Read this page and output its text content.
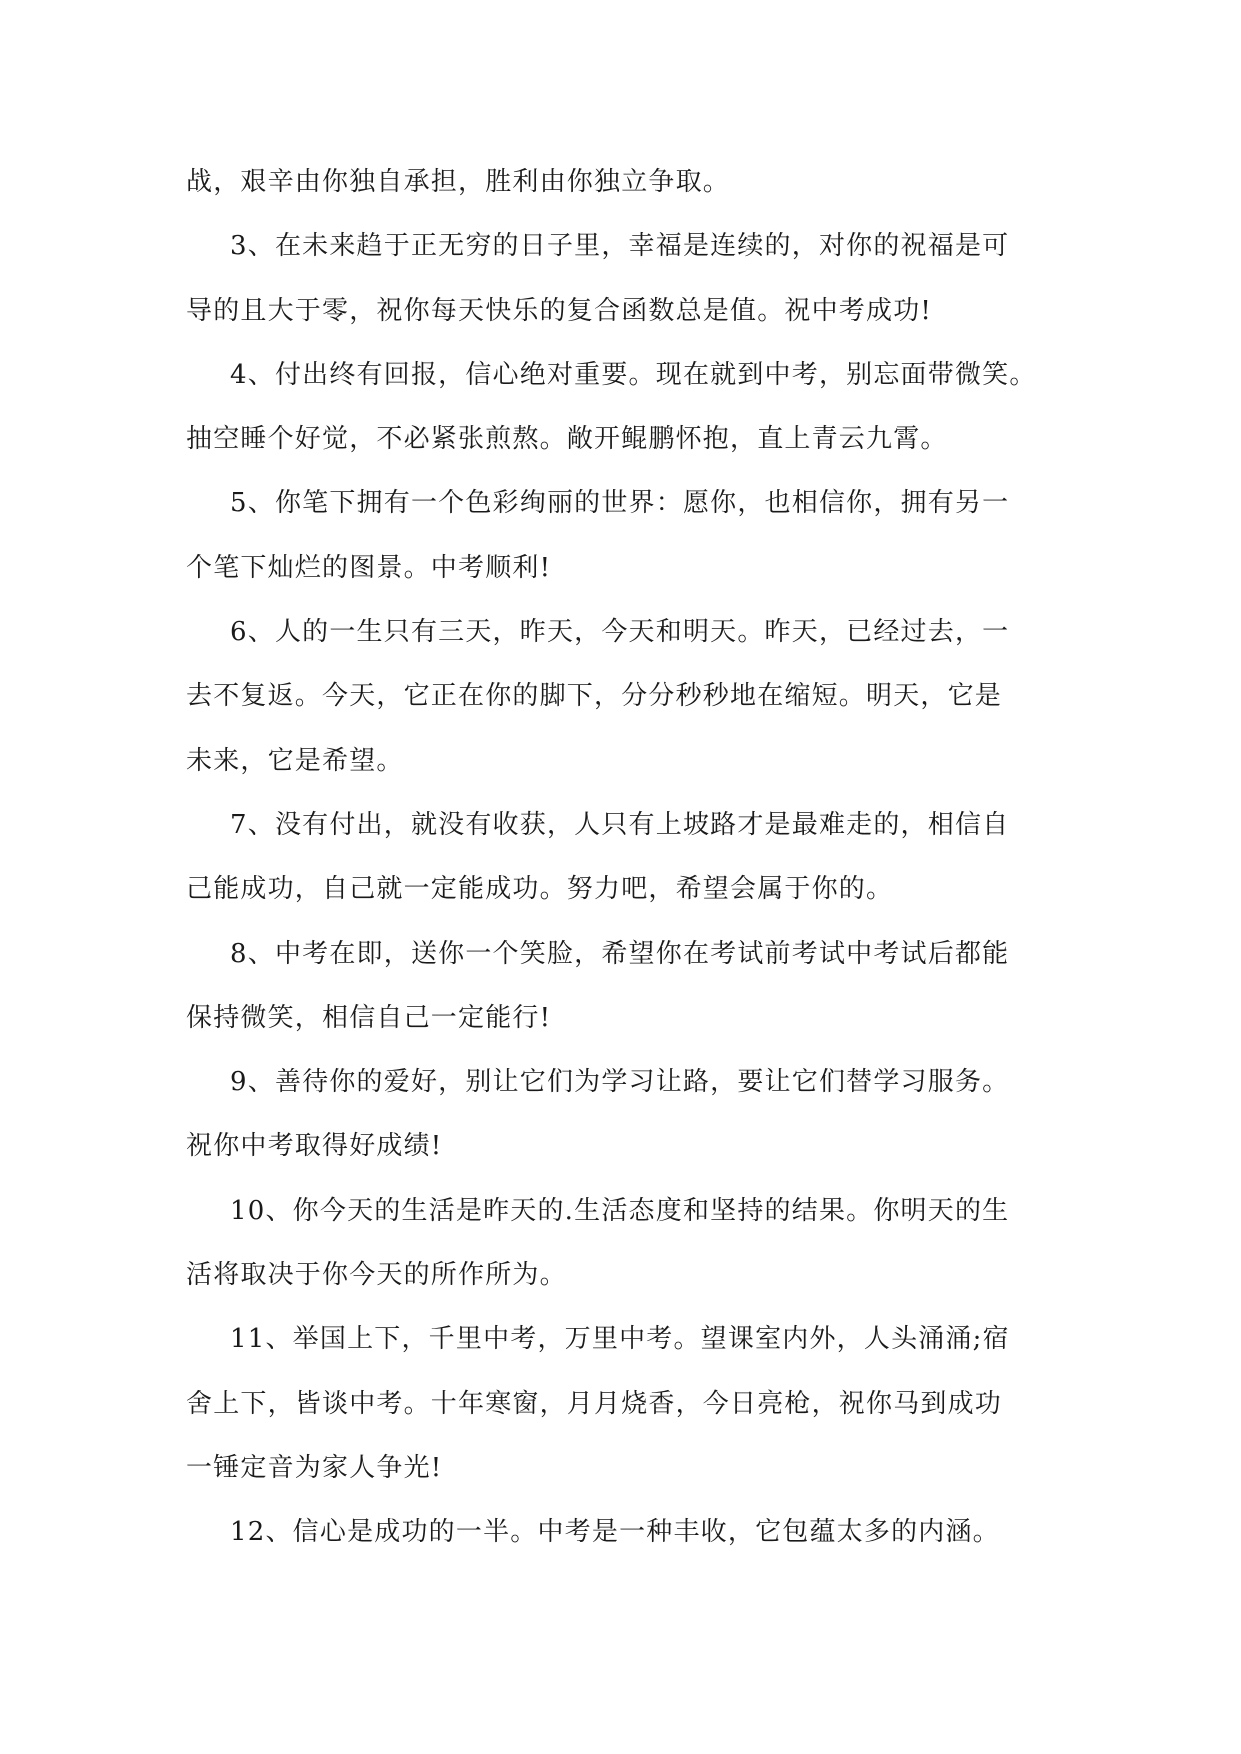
战，艰辛由你独自承担，胜利由你独立争取。

3、在未来趋于正无穷的日子里，幸福是连续的，对你的祝福是可
导的且大于零，祝你每天快乐的复合函数总是值。祝中考成功!

4、付出终有回报，信心绝对重要。现在就到中考，别忘面带微笑。
抽空睡个好觉，不必紧张煎熬。敞开鲲鹏怀抱，直上青云九霄。

5、你笔下拥有一个色彩绚丽的世界：愿你，也相信你，拥有另一
个笔下灿烂的图景。中考顺利!

6、人的一生只有三天，昨天，今天和明天。昨天，已经过去，一
去不复返。今天，它正在你的脚下，分分秒秒地在缩短。明天，它是
未来，它是希望。

7、没有付出，就没有收获，人只有上坡路才是最难走的，相信自
己能成功，自己就一定能成功。努力吧，希望会属于你的。

8、中考在即，送你一个笑脸，希望你在考试前考试中考试后都能
保持微笑，相信自己一定能行!

9、善待你的爱好，别让它们为学习让路，要让它们替学习服务。
祝你中考取得好成绩!

10、你今天的生活是昨天的.生活态度和坚持的结果。你明天的生
活将取决于你今天的所作所为。

11、举国上下，千里中考，万里中考。望课室内外，人头涌涌;宿
舍上下，皆谈中考。十年寒窗，月月烧香，今日亮枪，祝你马到成功
一锤定音为家人争光!

12、信心是成功的一半。中考是一种丰收，它包蕴太多的内涵。
